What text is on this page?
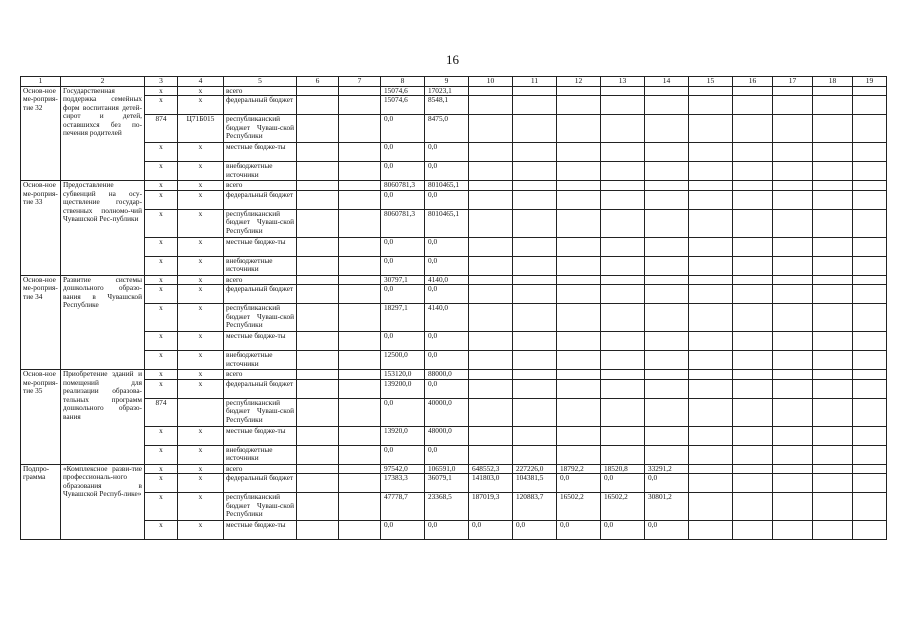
16
1	2	3	4	5	6	7	8	9	10	11	12	13	14	15	16	17	18	19
Основ-ное ме-роприя-тие 32	Государственная поддержка семейных форм воспитания детей-сирот и детей, оставшихся без по-печения родителей	х	х	всего			15074,6	17023,1										
		х	х	федеральный бюджет			15074,6	8548,1										
		874	Ц71Б015	республиканский бюджет Чуваш-ской Республики			0,0	8475,0										
		х	х	местные бюдже-ты			0,0	0,0										
		х	х	внебюджетные источники			0,0	0,0										
Основ-ное ме-роприя-тие 33	Предоставление субвенций на осу-ществление государ-ственных полномо-чий Чувашской Рес-публики	х	х	всего			8060781,3	8010465,1										
		х	х	федеральный бюджет			0,0	0,0										
		х	х	республиканский бюджет Чуваш-ской Республики			8060781,3	8010465,1										
		х	х	местные бюдже-ты			0,0	0,0										
		х	х	внебюджетные источники			0,0	0,0										
Основ-ное ме-роприя-тие 34	Развитие системы дошкольного образо-вания в Чувашской Республике	х	х	всего			30797,1	4140,0										
		х	х	федеральный бюджет			0,0	0,0										
		х	х	республиканский бюджет Чуваш-ской Республики			18297,1	4140,0										
		х	х	местные бюдже-ты			0,0	0,0										
		х	х	внебюджетные источники			12500,0	0,0										
Основ-ное ме-роприя-тие 35	Приобретение зданий и помещений для реализации образова-тельных программ дошкольного образо-вания	х	х	всего			153120,0	88000,0										
		х	х	федеральный бюджет			139200,0	0,0										
		874		республиканский бюджет Чуваш-ской Республики			0,0	40000,0										
		х	х	местные бюдже-ты			13920,0	48000,0										
		х	х	внебюджетные источники			0,0	0,0										
Подпро-грамма	«Комплексное разви-тие профессиональ-ного образования в Чувашской Респуб-лике»	х	х	всего			97542,0	106591,0	648552,3	227226,0	18792,2	18520,8	33291,2					
		х	х	федеральный бюджет			17383,3	36079,1	141803,0	104381,5	0,0	0,0	0,0					
		х	х	республиканский бюджет Чуваш-ской Республики			47778,7	23368,5	187019,3	120883,7	16502,2	16502,2	30801,2					
		х	х	местные бюдже-ты			0,0	0,0	0,0	0,0	0,0	0,0	0,0					
